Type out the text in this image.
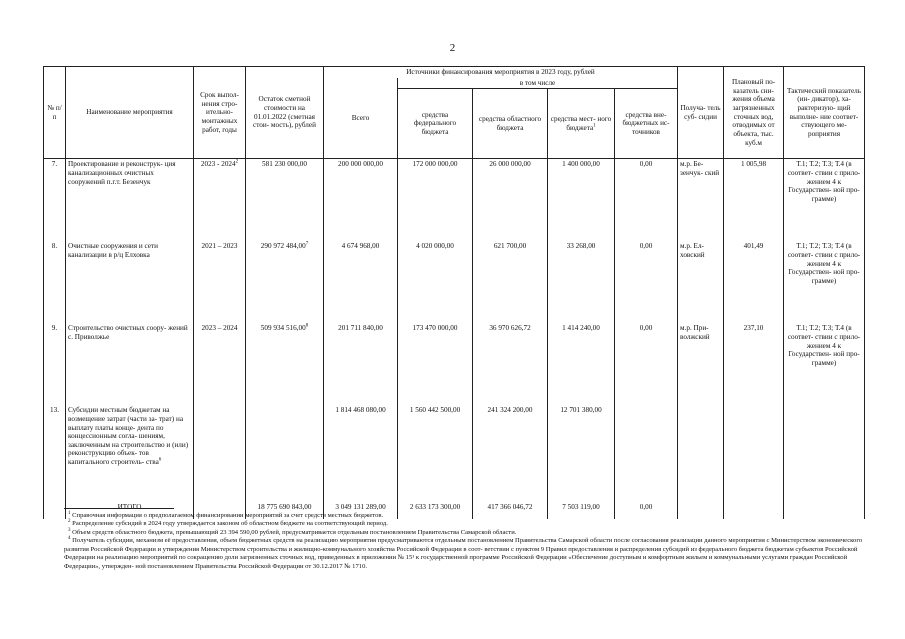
2
№ п/п	Наименование мероприятия	Срок выпол- нения стро- ительно- монтажных работ, годы	Остаток сметной стоимости на 01.01.2022 (сметная стои- мость), рублей	Источники финансирования мероприятия в 2023 году, рублей					Получа- тель суб- сидии	Плановый по- казатель сни- жения объема загрязненных сточных вод, отводимых от объекта, тыс. куб.м	Тактический показатель (ин- дикатор), ха- рактеризую- щий выполне- ние соответ- ствующего ме- роприятия
				Всего	в том числе						
					средства федерального бюджета	средства областного бюджета	средства мест- ного бюджета$^1$	средства вне- бюджетных ис- точников			
7.	Проектирование и реконструк- ция канализационных очистных сооружений п.г.т. Безенчук	2023 - 2024$^2$	581 230 000,00	200 000 000,00	172 000 000,00	26 000 000,00	1 400 000,00	0,00	м.р. Бе- зенчук- ский	1 005,98	Т.1; Т.2; Т.3; Т.4 (в соответ- ствии с прило- жением 4 к Государствен- ной про- грамме)
8.	Очистные сооружения и сети канализации в р/ц Елховка	2021 – 2023	290 972 484,00$^7$	4 674 968,00	4 020 000,00	621 700,00	33 268,00	0,00	м.р. Ел- ховский	401,49	Т.1; Т.2; Т.3; Т.4 (в соответ- ствии с прило- жением 4 к Государствен- ной про- грамме)
9.	Строительство очистных соору- жений с. Приволжье	2023 – 2024	509 934 516,00$^8$	201 711 840,00	173 470 000,00	36 970 626,72	1 414 240,00	0,00	м.р. При- волжский	237,10	Т.1; Т.2; Т.3; Т.4 (в соответ- ствии с прило- жением 4 к Государствен- ной про- грамме)
13.	Субсидии местным бюджетам на возмещение затрат (части за- трат) на выплату платы конце- дента по концессионным согла- шениям, заключенным на строительство и (или) реконструкцию объек- тов капитального строитель- ства$^6$			1 814 468 080,00	1 560 442 500,00	241 324 200,00	12 701 380,00				
	ИТОГО		18 775 690 843,00	3 049 131 289,00	2 633 173 300,00	417 366 046,72	7 503 119,00	0,00			

$^1$ Справочная информация о предполагаемом финансировании мероприятий за счет средств местных бюджетов.

$^2$ Распределение субсидий в 2024 году утверждается законом об областном бюджете на соответствующий период.

$^3$ Объем средств областного бюджета, превышающий 23 394 590,00 рублей, предусматривается отдельным постановлением Правительства Самарской области.

$^4$ Получатель субсидии, механизм её предоставления, объем бюджетных средств на реализацию мероприятия предусматриваются отдельным постановлением Правительства Самарской области после согласования реализации данного мероприятия с Министерством экономического развития Российской Федерации и утверждения Министерством строительства и жилищно-коммунального хозяйства Российской Федерации в соот- ветствии с пунктом 9 Правил предоставления и распределения субсидий из федерального бюджета бюджетам субъектов Российской Федерации на реализацию мероприятий по сокращению доли загрязненных сточных вод, приведенных в приложении № 15¹ к государственной программе Российской Федерации «Обеспечение доступным и комфортным жильем и коммунальными услугами граждан Российской Федерации», утвержден- ной постановлением Правительства Российской Федерации от 30.12.2017 № 1710.
